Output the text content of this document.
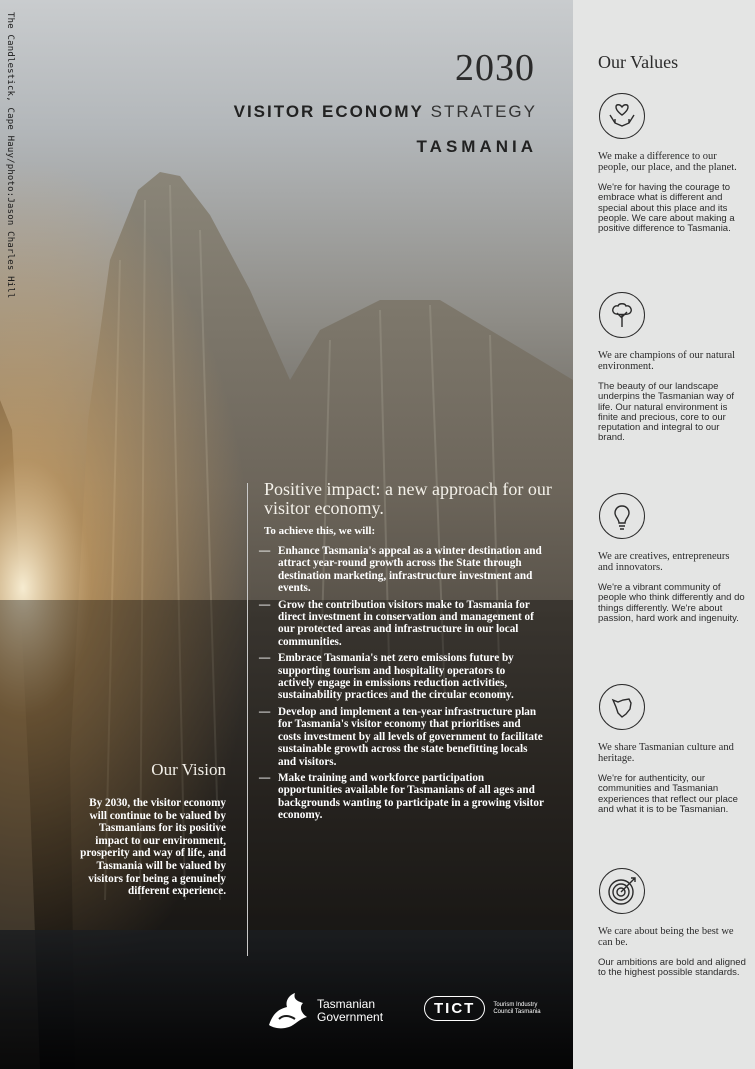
The Candlestick, Cape Hauy/photo:Jason Charles Hill	2030
VISITOR ECONOMY STRATEGY
TASMANIA
Positive impact: a new approach for our visitor economy.
To achieve this, we will:
— Enhance Tasmania's appeal as a winter destination and attract year-round growth across the State through destination marketing, infrastructure investment and events.
— Grow the contribution visitors make to Tasmania for direct investment in conservation and management of our protected areas and infrastructure in our local communities.
— Embrace Tasmania's net zero emissions future by supporting tourism and hospitality operators to actively engage in emissions reduction activities, sustainability practices and the circular economy.
— Develop and implement a ten-year infrastructure plan for Tasmania's visitor economy that prioritises and costs investment by all levels of government to facilitate sustainable growth across the state benefitting locals and visitors.
— Make training and workforce participation opportunities available for Tasmanians of all ages and backgrounds wanting to participate in a growing visitor economy.
Our Vision
By 2030, the visitor economy will continue to be valued by Tasmanians for its positive impact to our environment, prosperity and way of life, and Tasmania will be valued by visitors for being a genuinely different experience.
Tasmanian
Government	TICT	Tourism Industry Council Tasmania
Our Values
We make a difference to our people, our place, and the planet.
We're for having the courage to embrace what is different and special about this place and its people. We care about making a positive difference to Tasmania.
We are champions of our natural environment.
The beauty of our landscape underpins the Tasmanian way of life. Our natural environment is finite and precious, core to our reputation and integral to our brand.
We are creatives, entrepreneurs and innovators.
We're a vibrant community of people who think differently and do things differently. We're about passion, hard work and ingenuity.
We share Tasmanian culture and heritage.
We're for authenticity, our communities and Tasmanian experiences that reflect our place and what it is to be Tasmanian.
We care about being the best we can be.
Our ambitions are bold and aligned to the highest possible standards.
